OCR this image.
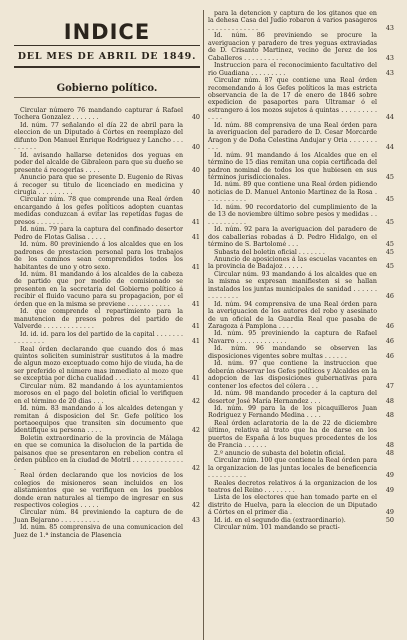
INDICE
DEL MES DE ABRIL DE 1849.
Gobierno político.

Circular número 76 mandando capturar á Rafael Tochera Gonzalez . . . . . . .	40

Id. núm. 77 señalando el día 22 de abril para la eleccion de un Diputado á Córtes en reemplazo del difunto Don Manuel Enrique Rodriguez y Lancho . . . . . . . . .	40

Id. avisando hallarse detenidos dos yeguas en poder del alcalde de Gibraleon para que su dueño se presente á recogerlas . . . .	40

Anuncio para que se presente D. Eugenio de Rivas á recoger su titulo de licenciado en medicina y cirugia . . . . . . . . .	40

Circular núm. 78 que comprende una Real órden encargando á los gefes políticos adopten cuantas medidas conduzcan á evitar las repetidas fugas de presos . . . . . . .	41

Id. núm. 79 para la captura del confinado desertor Pedro de Flotas Galisa . . . . .	41

Id. núm. 80 previniendo á los alcaldes que en los padrones de prestacion personal para los trabajos de los caminos sean comprendidos todos los habitantes de uno y otro sexo.	41

Id. núm. 81 mandando á los alcaldes de la cabeza de partido que por medio de comisionado se presenten en la secretaria del Gobierno político á recibir el fluido vacuno para su propagacion, por el órden que en la misma se previene . . . . . . . . . . .	41

Id. que comprende el repartimiento para la manutencion de presos pobres del partido de Valverde . . . . . . . . . . . . .	41

Id. id. id. para los del partido de la capital . . . . . . . . . . . . . . .	41

Real órden declarando que cuando dos ó mas quintos soliciten suministrar sustitutos á la madre de algun mozo exceptuado como hijo de viuda, ha de ser preferido el número mas inmediato al mozo que se exceptúa por dicha cualidad . . . . . . . . . . . . .	41

Circular núm. 82 mandando á los ayuntamientos morosos en el pago del boletin oficial lo verifiquen en el término de 20 dias . . .	42

Id. núm. 83 mandando á los alcaldes detengan y remitan á disposicion del Sr. Gefe político los portaoequipos que transiten sin documento que identifique su persona . . . .	42

Boletin extraordinario de la provincia de Málaga en que se comunica la disolucion de la partida de paisanos que se presentaron en rebelion contra el órden público en la ciudad de Motril . . . . . . . . . . . . . .	42

Real órden declarando que los novicios de los colegios de misioneros sean incluidos en los alistamientos que se verifiquen en los pueblos donde eran naturales al tiempo de ingresar en sus respectivos colegios . . . . .	42

Circular núm. 84 previniendo la captura de de Juan Bejarano . . . . . . . . . .	43

Id. núm. 85 comprensiva de una comunicacion del Juez de 1.ª instancia de Plasencia

para la detencion y captura de los gitanos que en la dehesa Casa del Judío robaron á varios pasageros . . . . . . . . . . . . .	43

Id. núm. 86 previniendo se procure la averiguacion y paradero de tres yeguas extraviadas de D. Crisanto Martinez, vecino de Jerez de los Caballeros . . . . . . . . . .	43

Instruccion para el reconocimiento facultativo del rio Guadiana . . . . . . . . .	43

Circular núm. 87 que contiene una Real órden recomendando á los Gefes políticos la mas estricta observancia de la de 17 de enero de 1846 sobre expedicion de pasaportes para Ultramar ó el estrangero á los mozos sujetos á quintas . . . . . . . . . . . . .	44

Id. núm. 88 comprensiva de una Real órden para la averiguacion del paradero de D. Cesar Morcarde Aragon y de Doña Celestina Andujar y Oria . . . . . . . . . .	44

Id. núm. 91 mandando á los Alcaldes que en el término de 15 dias remitan una copia certificada del padron nominal de todos los que hubiesen en sus términos jurisdiccionales.	45

Id. núm. 89 que contiene una Real órden pidiendo noticias de D. Manuel Antonio Martinez de la Rosa . . . . . . . . . . .	45

Id. núm. 90 recordatorio del cumplimiento de la de 13 de noviembre último sobre pesos y medidas . . . . . . . . . . . .	45

Id. núm. 92 para la averiguacion del paradero de dos caballerias robadas á D. Pedro Hidalgo, en el término de S. Bartolomé . . .	45

Subasta del boletin oficial . . . . . . .	45

Anuncio de aposiciones á las escuelas vacantes en la provincia de Badajoz . . . . .	45

Circular núm. 93 mandando á los alcaldes que en la misma se expresan manifiesten si se hallan instalados los juntas municipales de sanidad . . . . . . . . . . . . . .	46

Id. núm. 94 comprensiva de una Real órden para la averiguacion de los autores del robo y asesinato de un oficial de la Guardia Real que pasaba de Zaragoza á Pamplona . . . .	46

Id. núm. 95 previniendo la captura de Rafael Navarro . . . . . . . . . . . . .	46

Id. núm. 96 mandando se observen las disposiciones vigentes sobre multas . . . . . .	46

Id. núm. 97 que contiene la instruccion que deberán observar los Gefes políticos y Alcaldes en la adopcion de las disposiciones gubernativas para contener los efectos del cólera . . .	47

Id. núm. 98 mandando proceder á la captura del desertor José María Hernandez . . .	48

Id. núm. 99 para la de los picaquilleros Juan Rodriguez y Fernando Medina . . . .	48

Real órden aclaratoria de la de 22 de diciembre último, relativa al trato que ha de darse en los puertos de España á los buques procedentes de los de Francia . . . . . .	48

2.º anuncio de subasta del boletin oficial.	48

Circular núm. 100 que contiene la Real órden para la organizacion de las juntas locales de beneficencia . . . . . . . . . .	49

Reales decretos relativos á la organizacion de los teatros del Reino . . . . . . . .	49

Lista de los electores que han tomado parte en el distrito de Huelva, para la eleccion de un Diputado á Córtes en el primer dia .	49

Id. id. en el segundo dia (extraordinario).	50

Circular núm. 101 mandando se practi-
